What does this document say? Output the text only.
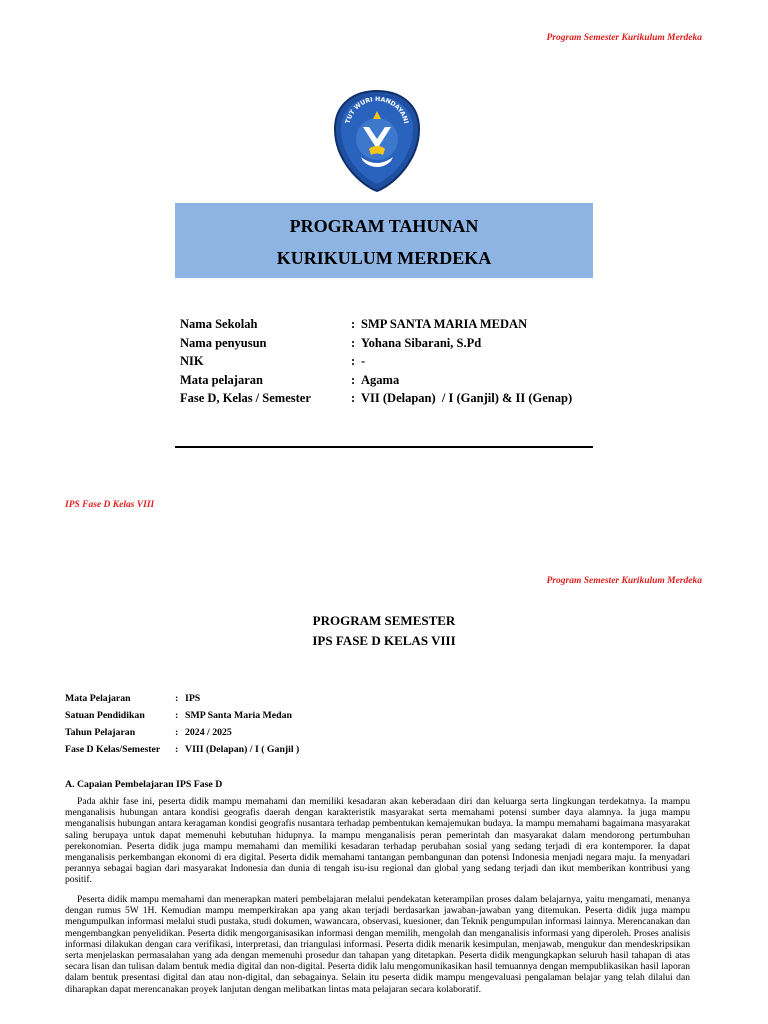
Program Semester Kurikulum Merdeka
TUT WURI HANDAYANI
PROGRAM TAHUNAN
KURIKULUM MERDEKA
Nama Sekolah	: SMP SANTA MARIA MEDAN
Nama penyusun	: Yohana Sibarani, S.Pd
NIK	: -
Mata pelajaran	: Agama
Fase D, Kelas / Semester	: VII (Delapan)  / I (Ganjil) & II (Genap)
IPS Fase D Kelas VIII
Program Semester Kurikulum Merdeka
PROGRAM SEMESTER
IPS FASE D KELAS VIII
Mata Pelajaran	: IPS
Satuan Pendidikan	: SMP Santa Maria Medan
Tahun Pelajaran	: 2024 / 2025
Fase D Kelas/Semester	: VIII (Delapan) / I ( Ganjil )
A. Capaian Pembelajaran IPS Fase D
Pada akhir fase ini, peserta didik mampu memahami dan memiliki kesadaran akan keberadaan diri dan keluarga serta lingkungan terdekatnya. Ia mampu menganalisis hubungan antara kondisi geografis daerah dengan karakteristik masyarakat serta memahami potensi sumber daya alamnya. Ia juga mampu menganalisis hubungan antara keragaman kondisi geografis nusantara terhadap pembentukan kemajemukan budaya. Ia mampu memahami bagaimana masyarakat saling berupaya untuk dapat memenuhi kebutuhan hidupnya. Ia mampu menganalisis peran pemerintah dan masyarakat dalam mendorong pertumbuhan perekonomian. Peserta didik juga mampu memahami dan memiliki kesadaran terhadap perubahan sosial yang sedang terjadi di era kontemporer. Ia dapat menganalisis perkembangan ekonomi di era digital. Peserta didik memahami tantangan pembangunan dan potensi Indonesia menjadi negara maju. Ia menyadari perannya sebagai bagian dari masyarakat Indonesia dan dunia di tengah isu-isu regional dan global yang sedang terjadi dan ikut memberikan kontribusi yang positif.
Peserta didik mampu memahami dan menerapkan materi pembelajaran melalui pendekatan keterampilan proses dalam belajarnya, yaitu mengamati, menanya dengan rumus 5W 1H. Kemudian mampu memperkirakan apa yang akan terjadi berdasarkan jawaban-jawaban yang ditemukan. Peserta didik juga mampu mengumpulkan informasi melalui studi pustaka, studi dokumen, wawancara, observasi, kuesioner, dan Teknik pengumpulan informasi lainnya. Merencanakan dan mengembangkan penyelidikan. Peserta didik mengorganisasikan informasi dengan memilih, mengolah dan menganalisis informasi yang diperoleh. Proses analisis informasi dilakukan dengan cara verifikasi, interpretasi, dan triangulasi informasi. Peserta didik menarik kesimpulan, menjawab, mengukur dan mendeskripsikan serta menjelaskan permasalahan yang ada dengan memenuhi prosedur dan tahapan yang ditetapkan. Peserta didik mengungkapkan seluruh hasil tahapan di atas secara lisan dan tulisan dalam bentuk media digital dan non-digital. Peserta didik lalu mengomunikasikan hasil temuannya dengan mempublikasikan hasil laporan dalam bentuk presentasi digital dan atau non-digital, dan sebagainya. Selain itu peserta didik mampu mengevaluasi pengalaman belajar yang telah dilalui dan diharapkan dapat merencanakan proyek lanjutan dengan melibatkan lintas mata pelajaran secara kolaboratif.
